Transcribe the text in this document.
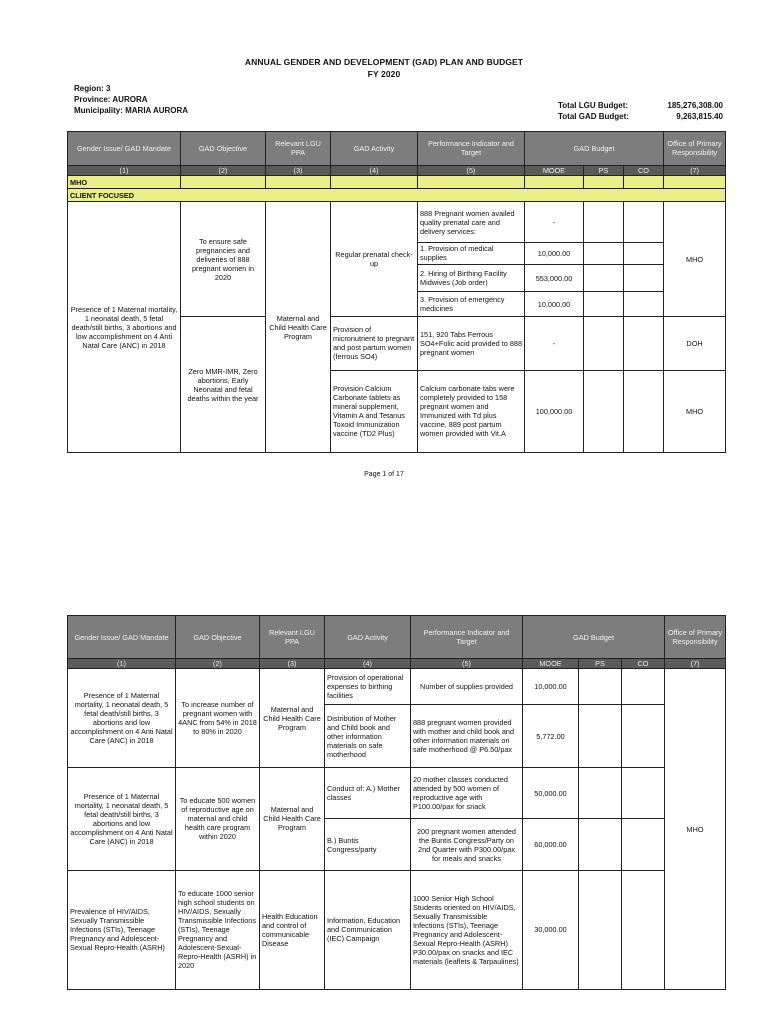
ANNUAL GENDER AND DEVELOPMENT (GAD) PLAN AND BUDGET
FY 2020
Region: 3
Province: AURORA
Municipality: MARIA AURORA
Total LGU Budget:	185,276,308.00
Total GAD Budget:	9,263,815.40
Gender Issue/ GAD Mandate	GAD Objective	Relevant LGU PPA	GAD Activity	Performance Indicator and Target	GAD Budget			Office of Primary Responsibility
(1)	(2)	(3)	(4)	(5)	MOOE	PS	CO	(7)
MHO								
CLIENT FOCUSED								
Presence of 1 Maternal mortality, 1 neonatal death, 5 fetal death/still births, 3 abortions and low accomplishment on 4 Anti Natal Care (ANC) in 2018	To ensure safe pregnancies and deliveries of 888 pregnant women in 2020	Maternal and Child Health Care Program	Regular prenatal check-up	888 Pregnant women availed quality prenatal care and delivery services:	-			MHO
				1. Provision of medical supplies	10,000.00			
				2. Hiring of Birthing Facility Midwives (Job order)	553,000.00			
				3. Provision of emergency medicines	10,000.00			
	Zero MMR-IMR, Zero abortions, Early Neonatal and fetal deaths within the year		Provision of micronutrient to pregnant and post partum women (ferrous SO4)	151, 920 Tabs Ferrous SO4+Folic acid provided to 888 pregnant women	-			DOH
			Provision Calcium Carbonate tablets as mineral supplement, Vitamin A and Tetanus Toxoid Immunization vaccine (TD2 Plus)	Calcium carbonate tabs were completely provided to 158 pregnant women and Immunized with Td plus vaccine, 889 post partum women provided with Vit.A	100,000.00			MHO
Page 1 of 17
Gender Issue/ GAD Mandate	GAD Objective	Relevant LGU PPA	GAD Activity	Performance Indicator and Target	GAD Budget			Office of Primary Responsibility
(1)	(2)	(3)	(4)	(5)	MOOE	PS	CO	(7)
Presence of 1 Maternal mortality, 1 neonatal death, 5 fetal death/still births, 3 abortions and low accomplishment on 4 Anti Natal Care (ANC) in 2018	To increase number of pregnant women with 4ANC from 54% in 2018 to 80% in 2020	Maternal and Child Health Care Program	Provision of operational expenses to birthing facilities	Number of supplies provided	10,000.00			MHO
			Distribution of Mother and Child book and other information materials on safe motherhood	888 pregnant women provided with mother and child book and other information materials on safe motherhood @ P6.50/pax	5,772.00			
Presence of 1 Maternal mortality, 1 neonatal death, 5 fetal death/still births, 3 abortions and low accomplishment on 4 Anti Natal Care (ANC) in 2018	To educate 500 women of reproductive age on maternal and child health care program within 2020	Maternal and Child Health Care Program	Conduct of: A.) Mother classes	20 mother classes conducted attended by 500 women of reproductive age with P100.00/pax for snack	50,000.00			
			B.) Buntis Congress/party	200 pregnant women attended the Buntis Congress/Party on 2nd Quarter with P300.00/pax for meals and snacks	60,000.00			
Prevalence of HIV/AIDS, Sexually Transmissible Infections (STIs), Teenage Pregnancy and Adolescent-Sexual Repro-Health (ASRH)	To educate 1000 senior high school students on HIV/AIDS, Sexually Transmissible Infections (STIs), Teenage Pregnancy and Adolescent-Sexual-Repro-Health (ASRH) in 2020	Health Education and control of communicable Disease	Information, Education and Communication (IEC) Campaign	1000 Senior High School Students oriented on HIV/AIDS, Sexually Transmissible Infections (STIs), Teenage Pregnancy and Adolescent-Sexual Repro-Health (ASRH) P30.00/pax on snacks and IEC materials (leaflets & Tarpaulines)	30,000.00			
